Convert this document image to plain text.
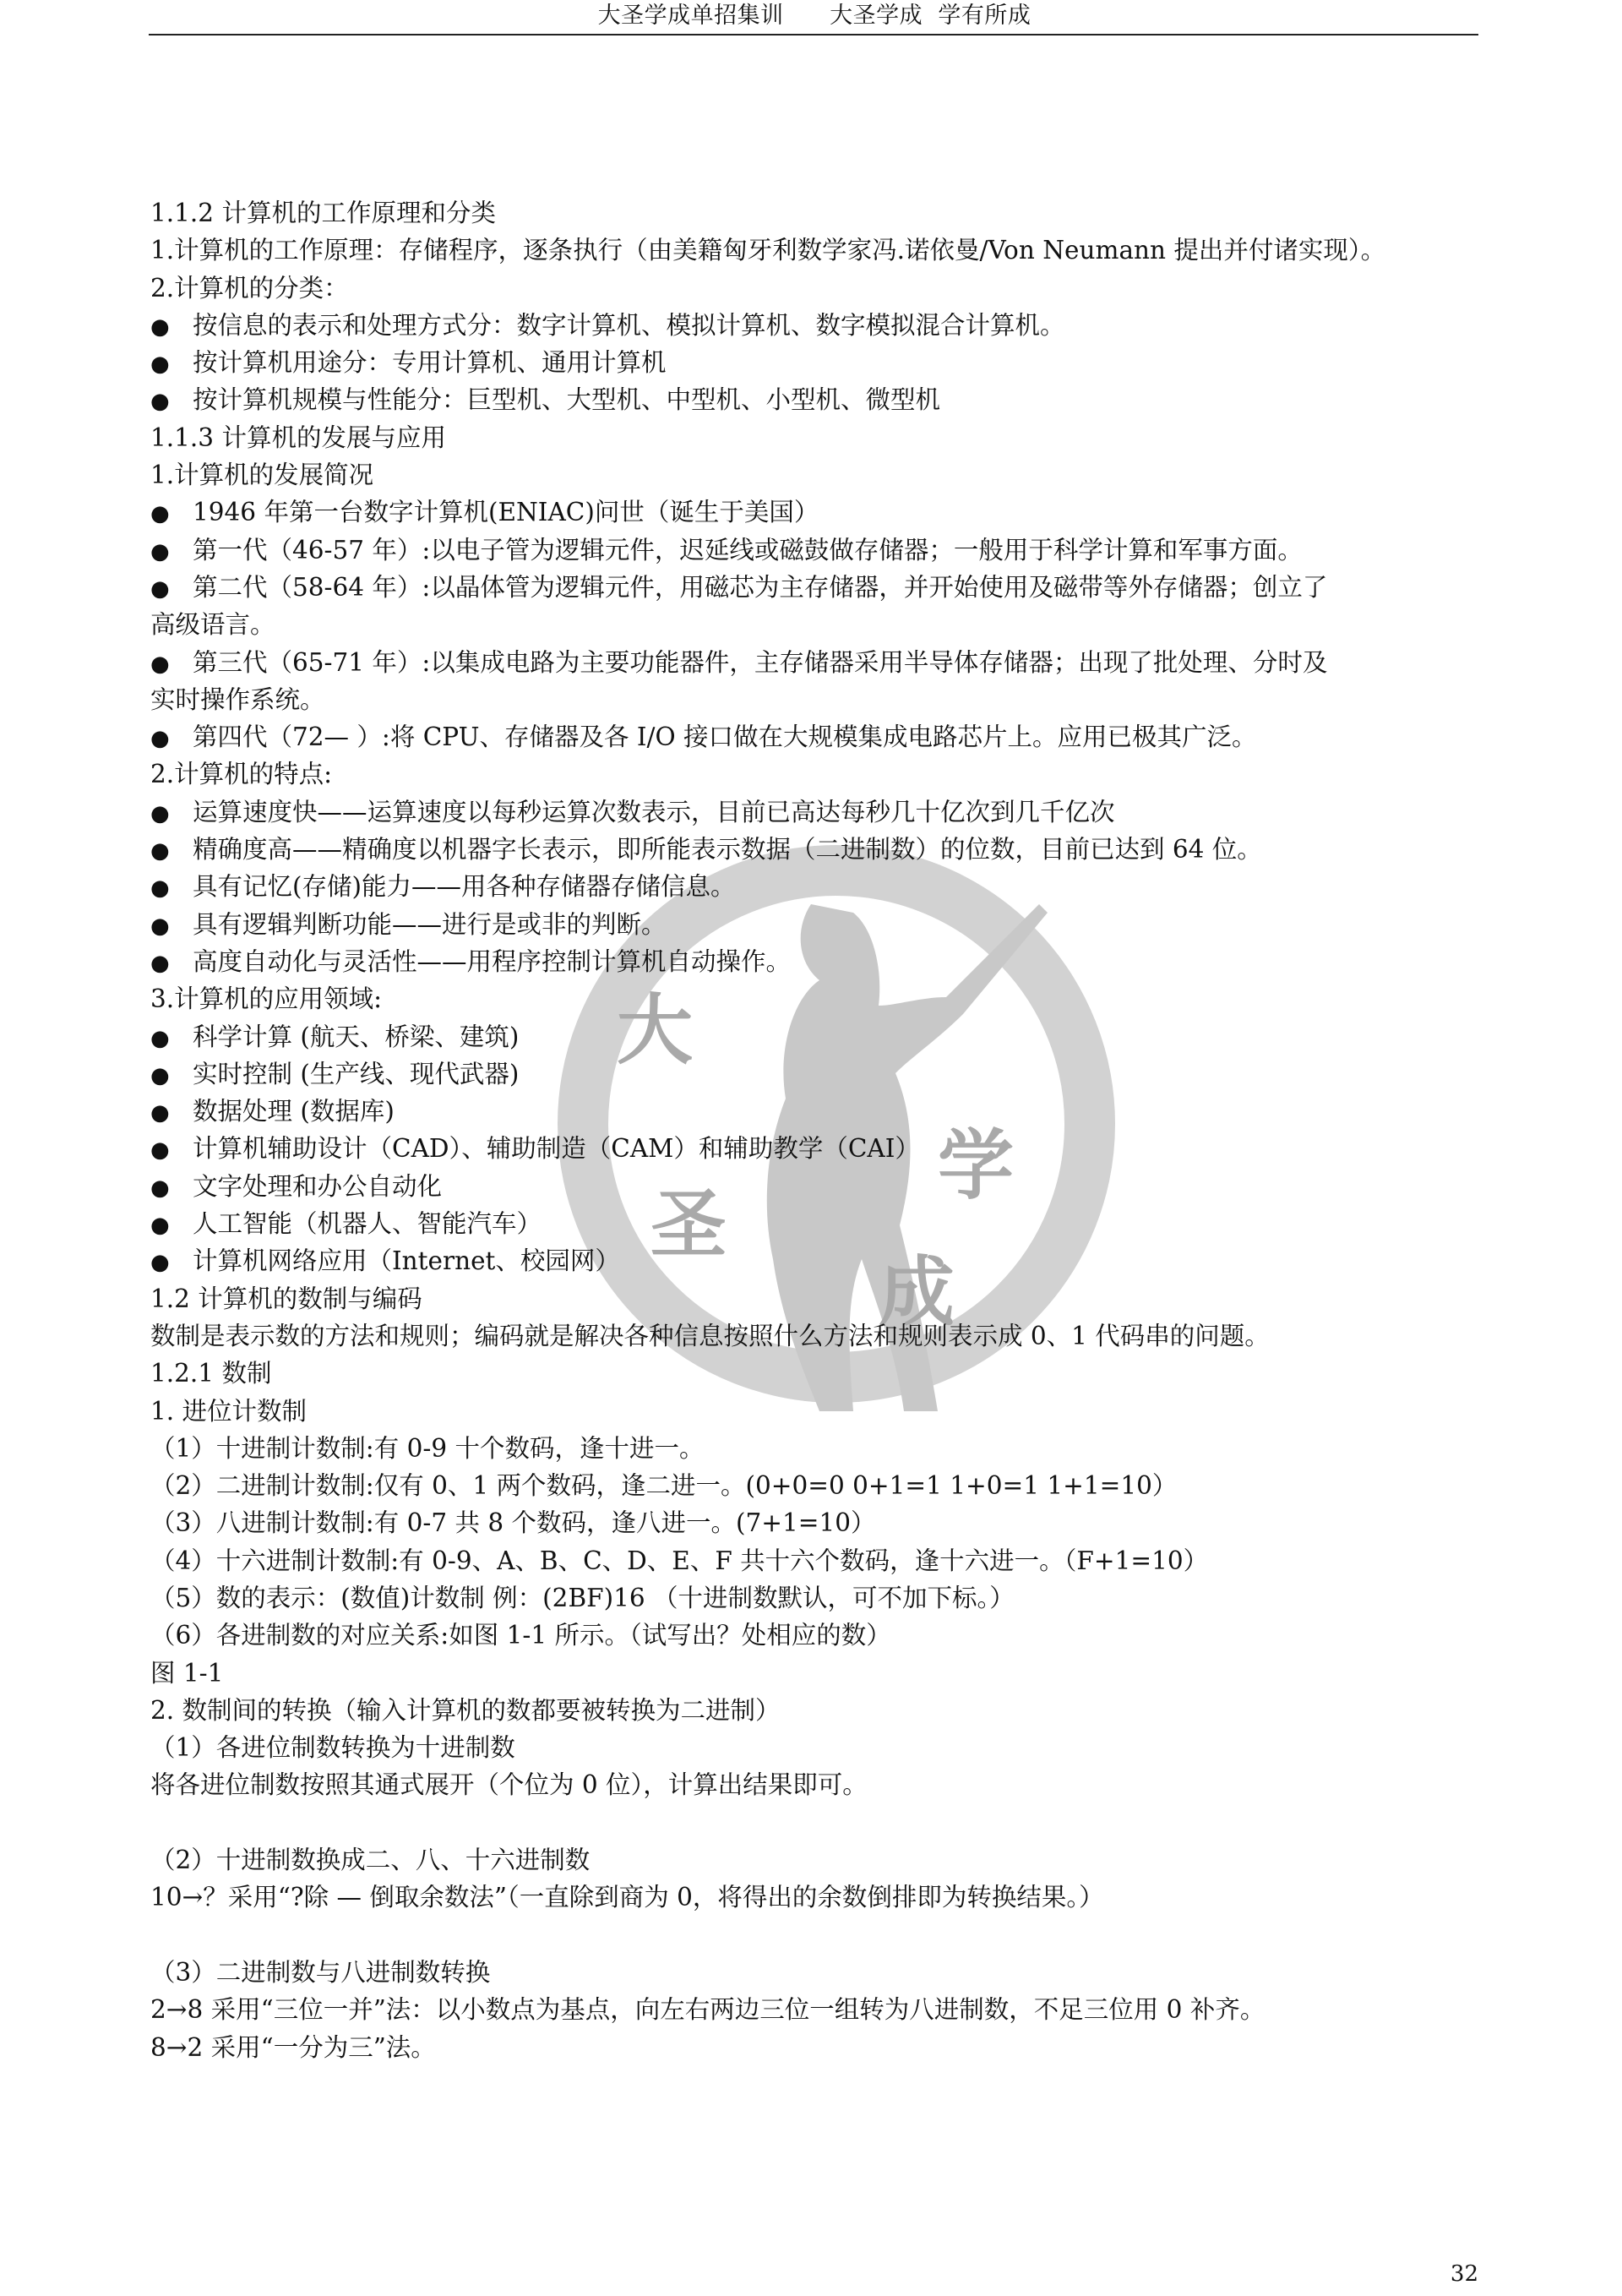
大圣学成单招集训      大圣学成  学有所成
大
圣
学
成
1.1.2 计算机的工作原理和分类
1.计算机的工作原理：存储程序，逐条执行（由美籍匈牙利数学家冯.诺依曼/Von Neumann 提出并付诸实现）。
2.计算机的分类：
● 按信息的表示和处理方式分：数字计算机、模拟计算机、数字模拟混合计算机。
● 按计算机用途分：专用计算机、通用计算机
● 按计算机规模与性能分：巨型机、大型机、中型机、小型机、微型机
1.1.3 计算机的发展与应用
1.计算机的发展简况
● 1946 年第一台数字计算机(ENIAC)问世（诞生于美国）
● 第一代（46-57 年）:以电子管为逻辑元件，迟延线或磁鼓做存储器；一般用于科学计算和军事方面。
● 第二代（58-64 年）:以晶体管为逻辑元件，用磁芯为主存储器，并开始使用及磁带等外存储器；创立了
高级语言。
● 第三代（65-71 年）:以集成电路为主要功能器件，主存储器采用半导体存储器；出现了批处理、分时及
实时操作系统。
● 第四代（72— ）:将 CPU、存储器及各 I/O 接口做在大规模集成电路芯片上。应用已极其广泛。
2.计算机的特点:
● 运算速度快——运算速度以每秒运算次数表示，目前已高达每秒几十亿次到几千亿次
● 精确度高——精确度以机器字长表示，即所能表示数据（二进制数）的位数，目前已达到 64 位。
● 具有记忆(存储)能力——用各种存储器存储信息。
● 具有逻辑判断功能——进行是或非的判断。
● 高度自动化与灵活性——用程序控制计算机自动操作。
3.计算机的应用领域:
● 科学计算 (航天、桥梁、建筑)
● 实时控制 (生产线、现代武器)
● 数据处理 (数据库)
● 计算机辅助设计（CAD）、辅助制造（CAM）和辅助教学（CAI）
● 文字处理和办公自动化
● 人工智能（机器人、智能汽车）
● 计算机网络应用（Internet、校园网）
1.2 计算机的数制与编码
数制是表示数的方法和规则；编码就是解决各种信息按照什么方法和规则表示成 0、1 代码串的问题。
1.2.1 数制
1. 进位计数制
（1）十进制计数制:有 0-9 十个数码，逢十进一。
（2）二进制计数制:仅有 0、1 两个数码，逢二进一。(0+0=0 0+1=1 1+0=1 1+1=10）
（3）八进制计数制:有 0-7 共 8 个数码，逢八进一。(7+1=10）
（4）十六进制计数制:有 0-9、A、B、C、D、E、F 共十六个数码，逢十六进一。（F+1=10）
（5）数的表示：(数值)计数制 例：(2BF)16 （十进制数默认，可不加下标。）
（6）各进制数的对应关系:如图 1-1 所示。（试写出？处相应的数）
图 1-1
2. 数制间的转换（输入计算机的数都要被转换为二进制）
（1）各进位制数转换为十进制数
将各进位制数按照其通式展开（个位为 0 位），计算出结果即可。
（2）十进制数换成二、八、十六进制数
10→？采用“?除 — 倒取余数法”（一直除到商为 0，将得出的余数倒排即为转换结果。）
（3）二进制数与八进制数转换
2→8 采用“三位一并”法：以小数点为基点，向左右两边三位一组转为八进制数，不足三位用 0 补齐。
8→2 采用“一分为三”法。
32
